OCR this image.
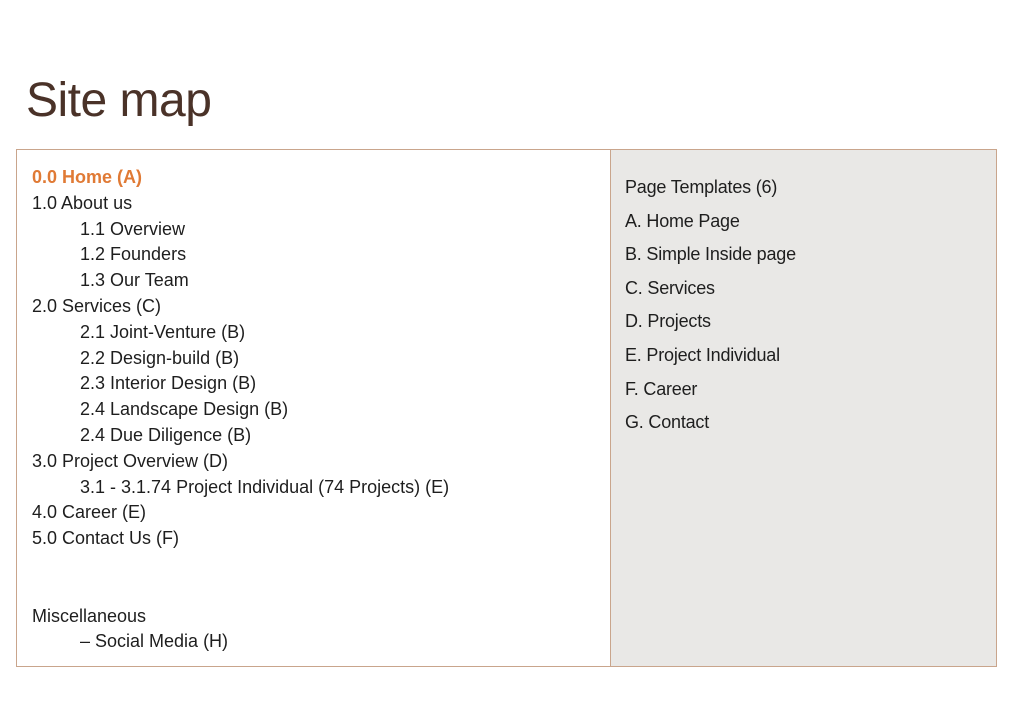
Site map
0.0 Home (A)
1.0 About us
1.1 Overview
1.2 Founders
1.3 Our Team
2.0 Services (C)
2.1 Joint-Venture (B)
2.2 Design-build (B)
2.3 Interior Design (B)
2.4 Landscape Design (B)
2.4 Due Diligence (B)
3.0 Project Overview (D)
3.1 - 3.1.74 Project Individual (74 Projects) (E)
4.0 Career (E)
5.0 Contact Us (F)
Miscellaneous
– Social Media (H)
Page Templates (6)
A. Home Page
B. Simple Inside page
C. Services
D. Projects
E. Project Individual
F. Career
G. Contact
